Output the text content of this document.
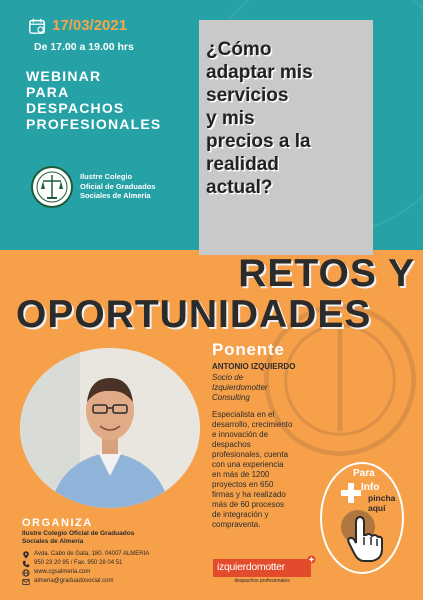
17/03/2021
De 17.00 a 19.00 hrs
WEBINAR
PARA
DESPACHOS
PROFESIONALES
Ilustre Colegio
Oficial de Graduados
Sociales de Almería
¿Cómo
adaptar mis
servicios
y mis
precios a la
realidad
actual?
RETOS Y
OPORTUNIDADES
Ponente
ANTONIO IZQUIERDO
Socio de
Izquierdomotter
Consulting
Especialista en el
desarrollo, crecimiento
e innovación de
despachos
profesionales, cuenta
con una experiencia
en más de 1200
proyectos en 650
firmas y ha realizado
más de 60 procesos
de integración y
compraventa.
ORGANIZA
Ilustre Colegio Oficial de Graduados
Sociales de Almería
Avda. Cabo de Gata, 180. 04007 ALMERIA
950 23 20 95 / Fax. 950 28 04 51
www.cgsalmeria.com
almeria@graduadosocial.com
izquierdomotter
despachos profesionales
Para
Info
pincha
aquí
